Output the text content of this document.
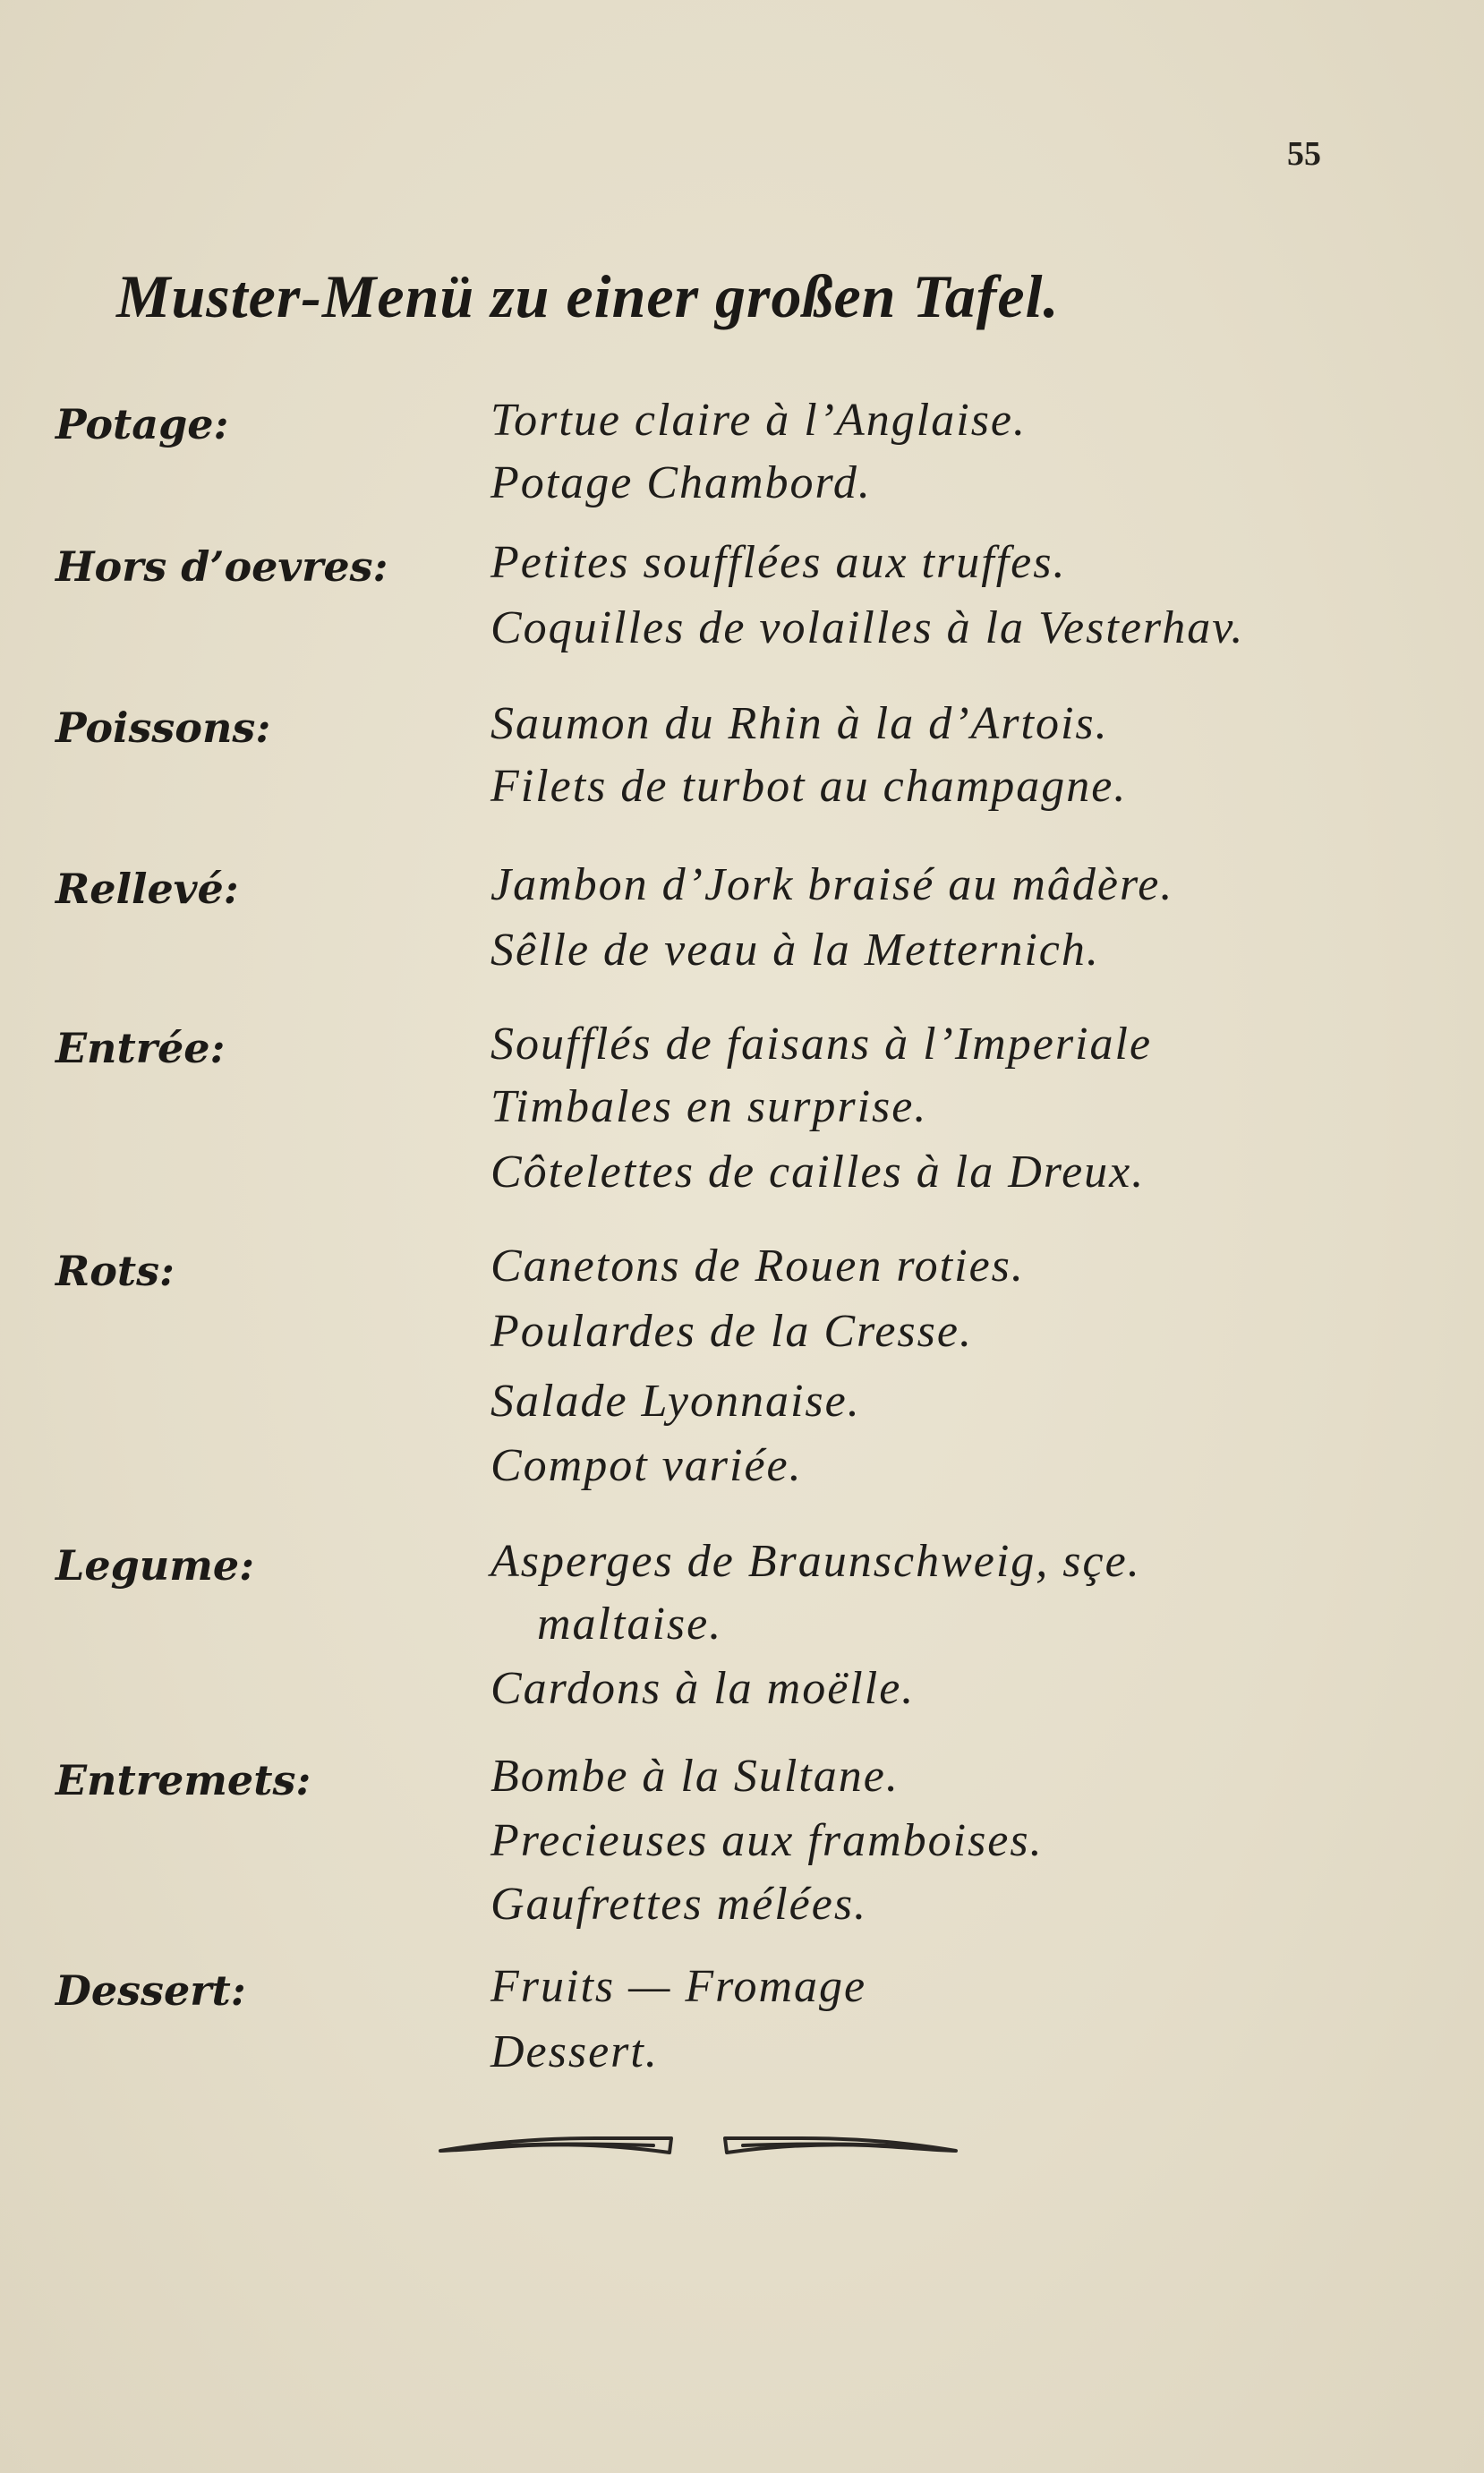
55
Muster-Menü zu einer großen Tafel.
Potage:	Tortue claire à l’Anglaise.
Potage Chambord.
Hors d’oevres: Petites soufflées aux truffes.
Coquilles de volailles à la Vesterhav.
Poissons:	Saumon du Rhin à la d’Artois.
Filets de turbot au champagne.
Rellevé:	Jambon d’Jork braisé au mâdère.
Sêlle de veau à la Metternich.
Entrée:	Soufflés de faisans à l’Imperiale
Timbales en surprise.
Côtelettes de cailles à la Dreux.
Rots:	Canetons de Rouen roties.
Poulardes de la Cresse.
Salade Lyonnaise.
Compot variée.
Legume:	Asperges de Braunschweig, sçe.
maltaise.
Cardons à la moëlle.
Entremets:	Bombe à la Sultane.
Precieuses aux framboises.
Gaufrettes mélées.
Dessert:	Fruits — Fromage
Dessert.
